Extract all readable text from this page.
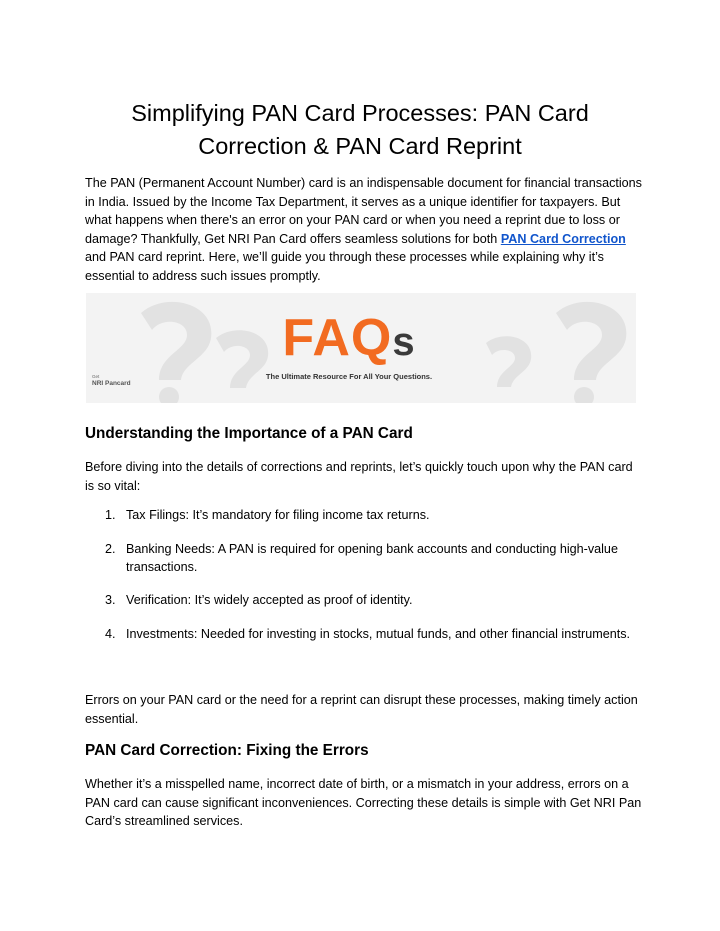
Simplifying PAN Card Processes: PAN Card Correction & PAN Card Reprint

The PAN (Permanent Account Number) card is an indispensable document for financial transactions in India. Issued by the Income Tax Department, it serves as a unique identifier for taxpayers. But what happens when there's an error on your PAN card or when you need a reprint due to loss or damage? Thankfully, Get NRI Pan Card offers seamless solutions for both PAN Card Correction and PAN card reprint. Here, we’ll guide you through these processes while explaining why it’s essential to address such issues promptly.

FAQs
The Ultimate Resource For All Your Questions.
Get
NRI Pancard
Understanding the Importance of a PAN Card

Before diving into the details of corrections and reprints, let’s quickly touch upon why the PAN card is so vital:

1. Tax Filings: It’s mandatory for filing income tax returns.
2. Banking Needs: A PAN is required for opening bank accounts and conducting high-value transactions.
3. Verification: It’s widely accepted as proof of identity.
4. Investments: Needed for investing in stocks, mutual funds, and other financial instruments.

Errors on your PAN card or the need for a reprint can disrupt these processes, making timely action essential.

PAN Card Correction: Fixing the Errors

Whether it’s a misspelled name, incorrect date of birth, or a mismatch in your address, errors on a PAN card can cause significant inconveniences. Correcting these details is simple with Get NRI Pan Card’s streamlined services.
